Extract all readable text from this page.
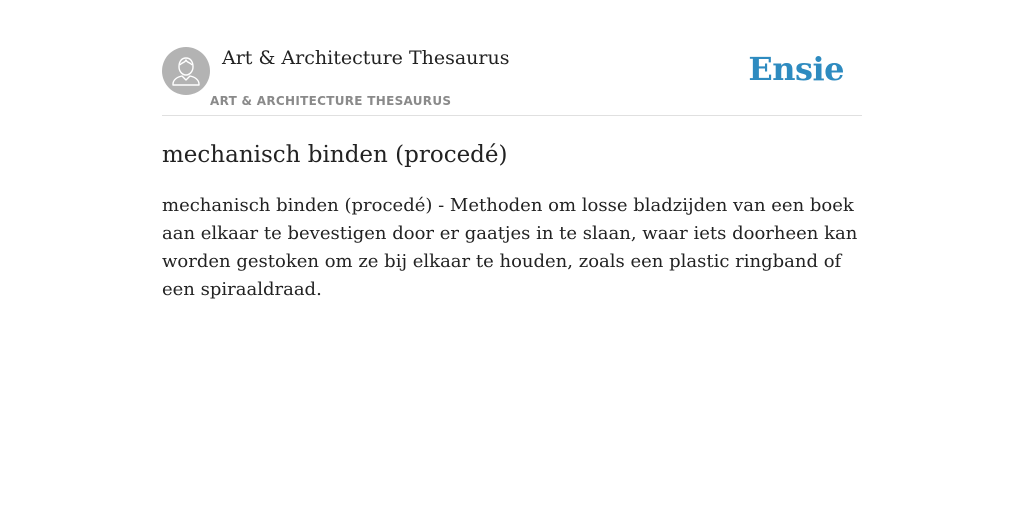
Art & Architecture Thesaurus
ART & ARCHITECTURE THESAURUS
Ensie
mechanisch binden (procedé)

mechanisch binden (procedé) - Methoden om losse bladzijden van een boek aan elkaar te bevestigen door er gaatjes in te slaan, waar iets doorheen kan worden gestoken om ze bij elkaar te houden, zoals een plastic ringband of een spiraaldraad.
